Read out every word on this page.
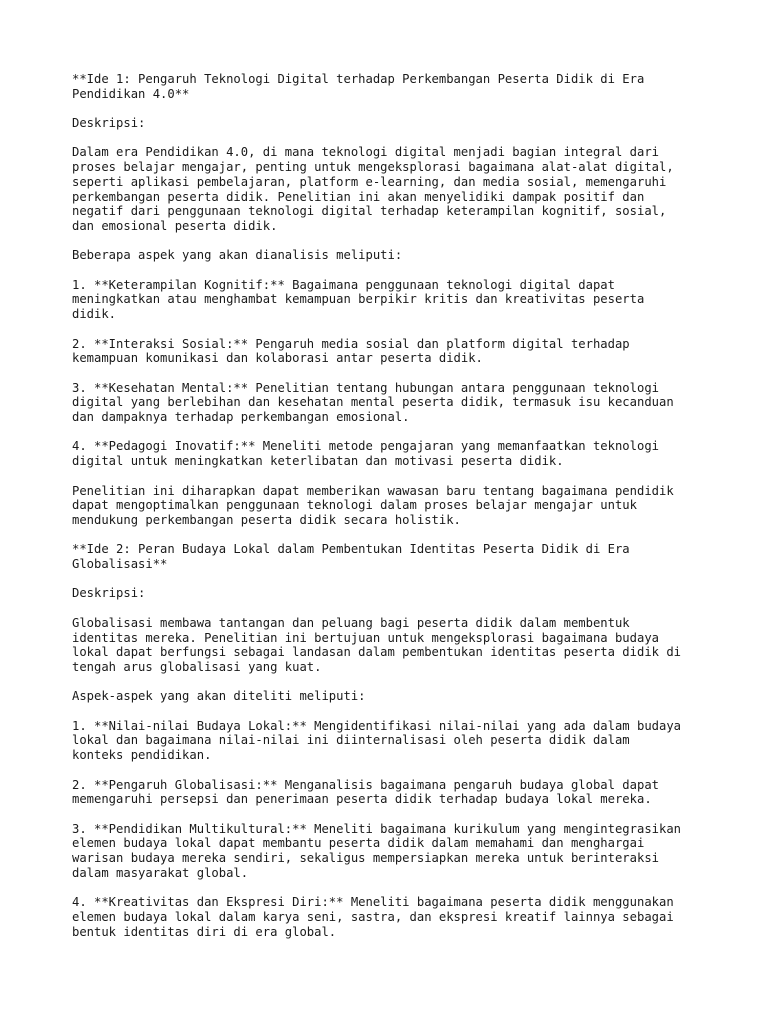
**Ide 1: Pengaruh Teknologi Digital terhadap Perkembangan Peserta Didik di Era
Pendidikan 4.0**

Deskripsi:

Dalam era Pendidikan 4.0, di mana teknologi digital menjadi bagian integral dari
proses belajar mengajar, penting untuk mengeksplorasi bagaimana alat-alat digital,
seperti aplikasi pembelajaran, platform e-learning, dan media sosial, memengaruhi
perkembangan peserta didik. Penelitian ini akan menyelidiki dampak positif dan
negatif dari penggunaan teknologi digital terhadap keterampilan kognitif, sosial,
dan emosional peserta didik.

Beberapa aspek yang akan dianalisis meliputi:

1. **Keterampilan Kognitif:** Bagaimana penggunaan teknologi digital dapat
meningkatkan atau menghambat kemampuan berpikir kritis dan kreativitas peserta
didik.

2. **Interaksi Sosial:** Pengaruh media sosial dan platform digital terhadap
kemampuan komunikasi dan kolaborasi antar peserta didik.

3. **Kesehatan Mental:** Penelitian tentang hubungan antara penggunaan teknologi
digital yang berlebihan dan kesehatan mental peserta didik, termasuk isu kecanduan
dan dampaknya terhadap perkembangan emosional.

4. **Pedagogi Inovatif:** Meneliti metode pengajaran yang memanfaatkan teknologi
digital untuk meningkatkan keterlibatan dan motivasi peserta didik.

Penelitian ini diharapkan dapat memberikan wawasan baru tentang bagaimana pendidik
dapat mengoptimalkan penggunaan teknologi dalam proses belajar mengajar untuk
mendukung perkembangan peserta didik secara holistik.

**Ide 2: Peran Budaya Lokal dalam Pembentukan Identitas Peserta Didik di Era
Globalisasi**

Deskripsi:

Globalisasi membawa tantangan dan peluang bagi peserta didik dalam membentuk
identitas mereka. Penelitian ini bertujuan untuk mengeksplorasi bagaimana budaya
lokal dapat berfungsi sebagai landasan dalam pembentukan identitas peserta didik di
tengah arus globalisasi yang kuat.

Aspek-aspek yang akan diteliti meliputi:

1. **Nilai-nilai Budaya Lokal:** Mengidentifikasi nilai-nilai yang ada dalam budaya
lokal dan bagaimana nilai-nilai ini diinternalisasi oleh peserta didik dalam
konteks pendidikan.

2. **Pengaruh Globalisasi:** Menganalisis bagaimana pengaruh budaya global dapat
memengaruhi persepsi dan penerimaan peserta didik terhadap budaya lokal mereka.

3. **Pendidikan Multikultural:** Meneliti bagaimana kurikulum yang mengintegrasikan
elemen budaya lokal dapat membantu peserta didik dalam memahami dan menghargai
warisan budaya mereka sendiri, sekaligus mempersiapkan mereka untuk berinteraksi
dalam masyarakat global.

4. **Kreativitas dan Ekspresi Diri:** Meneliti bagaimana peserta didik menggunakan
elemen budaya lokal dalam karya seni, sastra, dan ekspresi kreatif lainnya sebagai
bentuk identitas diri di era global.
